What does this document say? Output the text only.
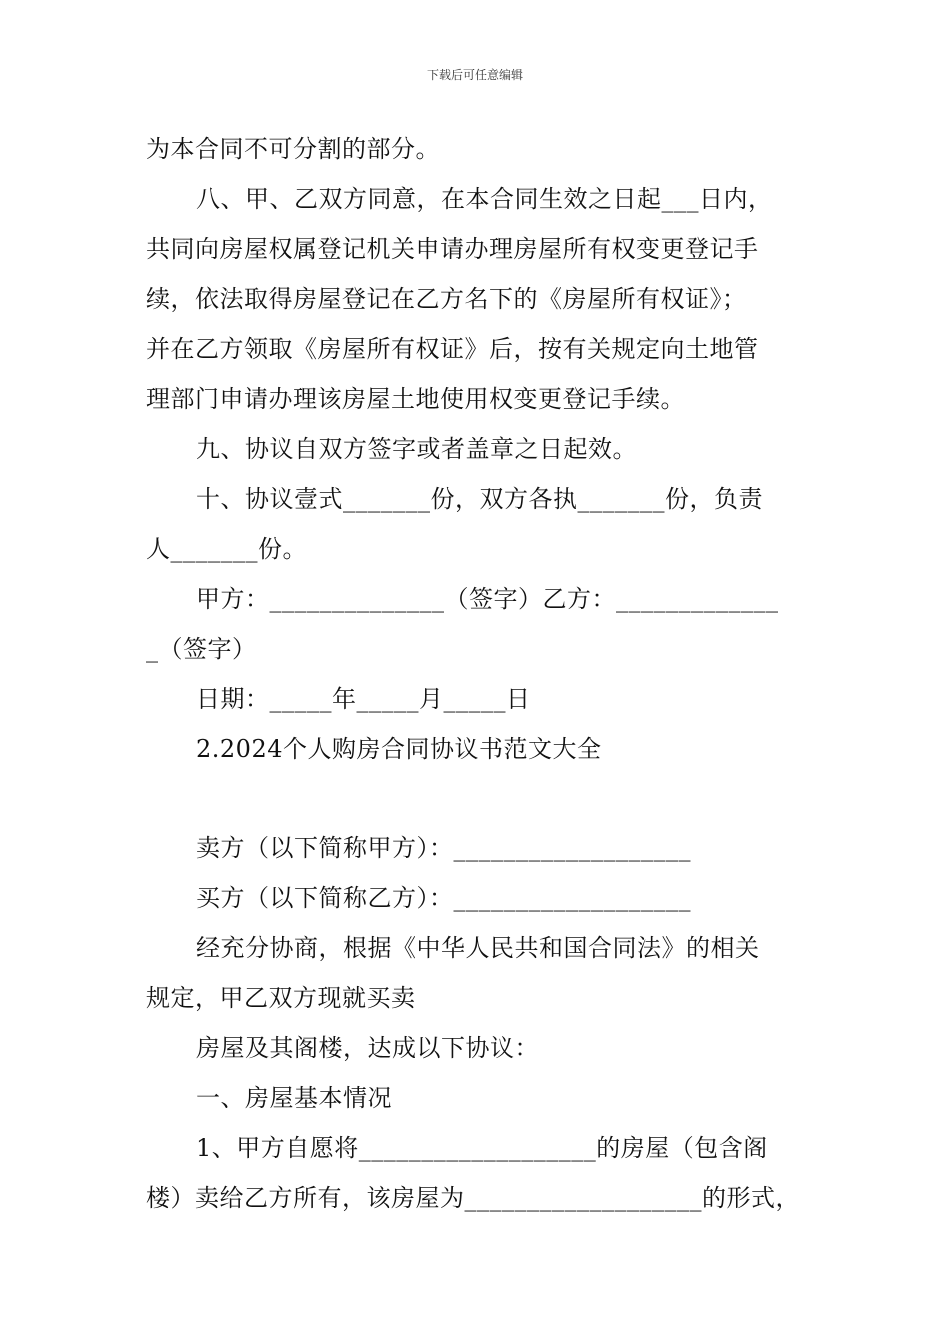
下载后可任意编辑
为本合同不可分割的部分。
八、甲、乙双方同意，在本合同生效之日起___日内，
共同向房屋权属登记机关申请办理房屋所有权变更登记手
续，依法取得房屋登记在乙方名下的《房屋所有权证》；
并在乙方领取《房屋所有权证》后，按有关规定向土地管
理部门申请办理该房屋土地使用权变更登记手续。
九、协议自双方签字或者盖章之日起效。
十、协议壹式_______份，双方各执_______份，负责
人_______份。
甲方：______________（签字）乙方：_____________
_（签字）
日期：_____年_____月_____日
2.2024个人购房合同协议书范文大全
卖方（以下简称甲方）：___________________
买方（以下简称乙方）：___________________
经充分协商，根据《中华人民共和国合同法》的相关
规定，甲乙双方现就买卖
房屋及其阁楼，达成以下协议：
一、房屋基本情况
1、甲方自愿将___________________的房屋（包含阁
楼）卖给乙方所有，该房屋为___________________的形式，
